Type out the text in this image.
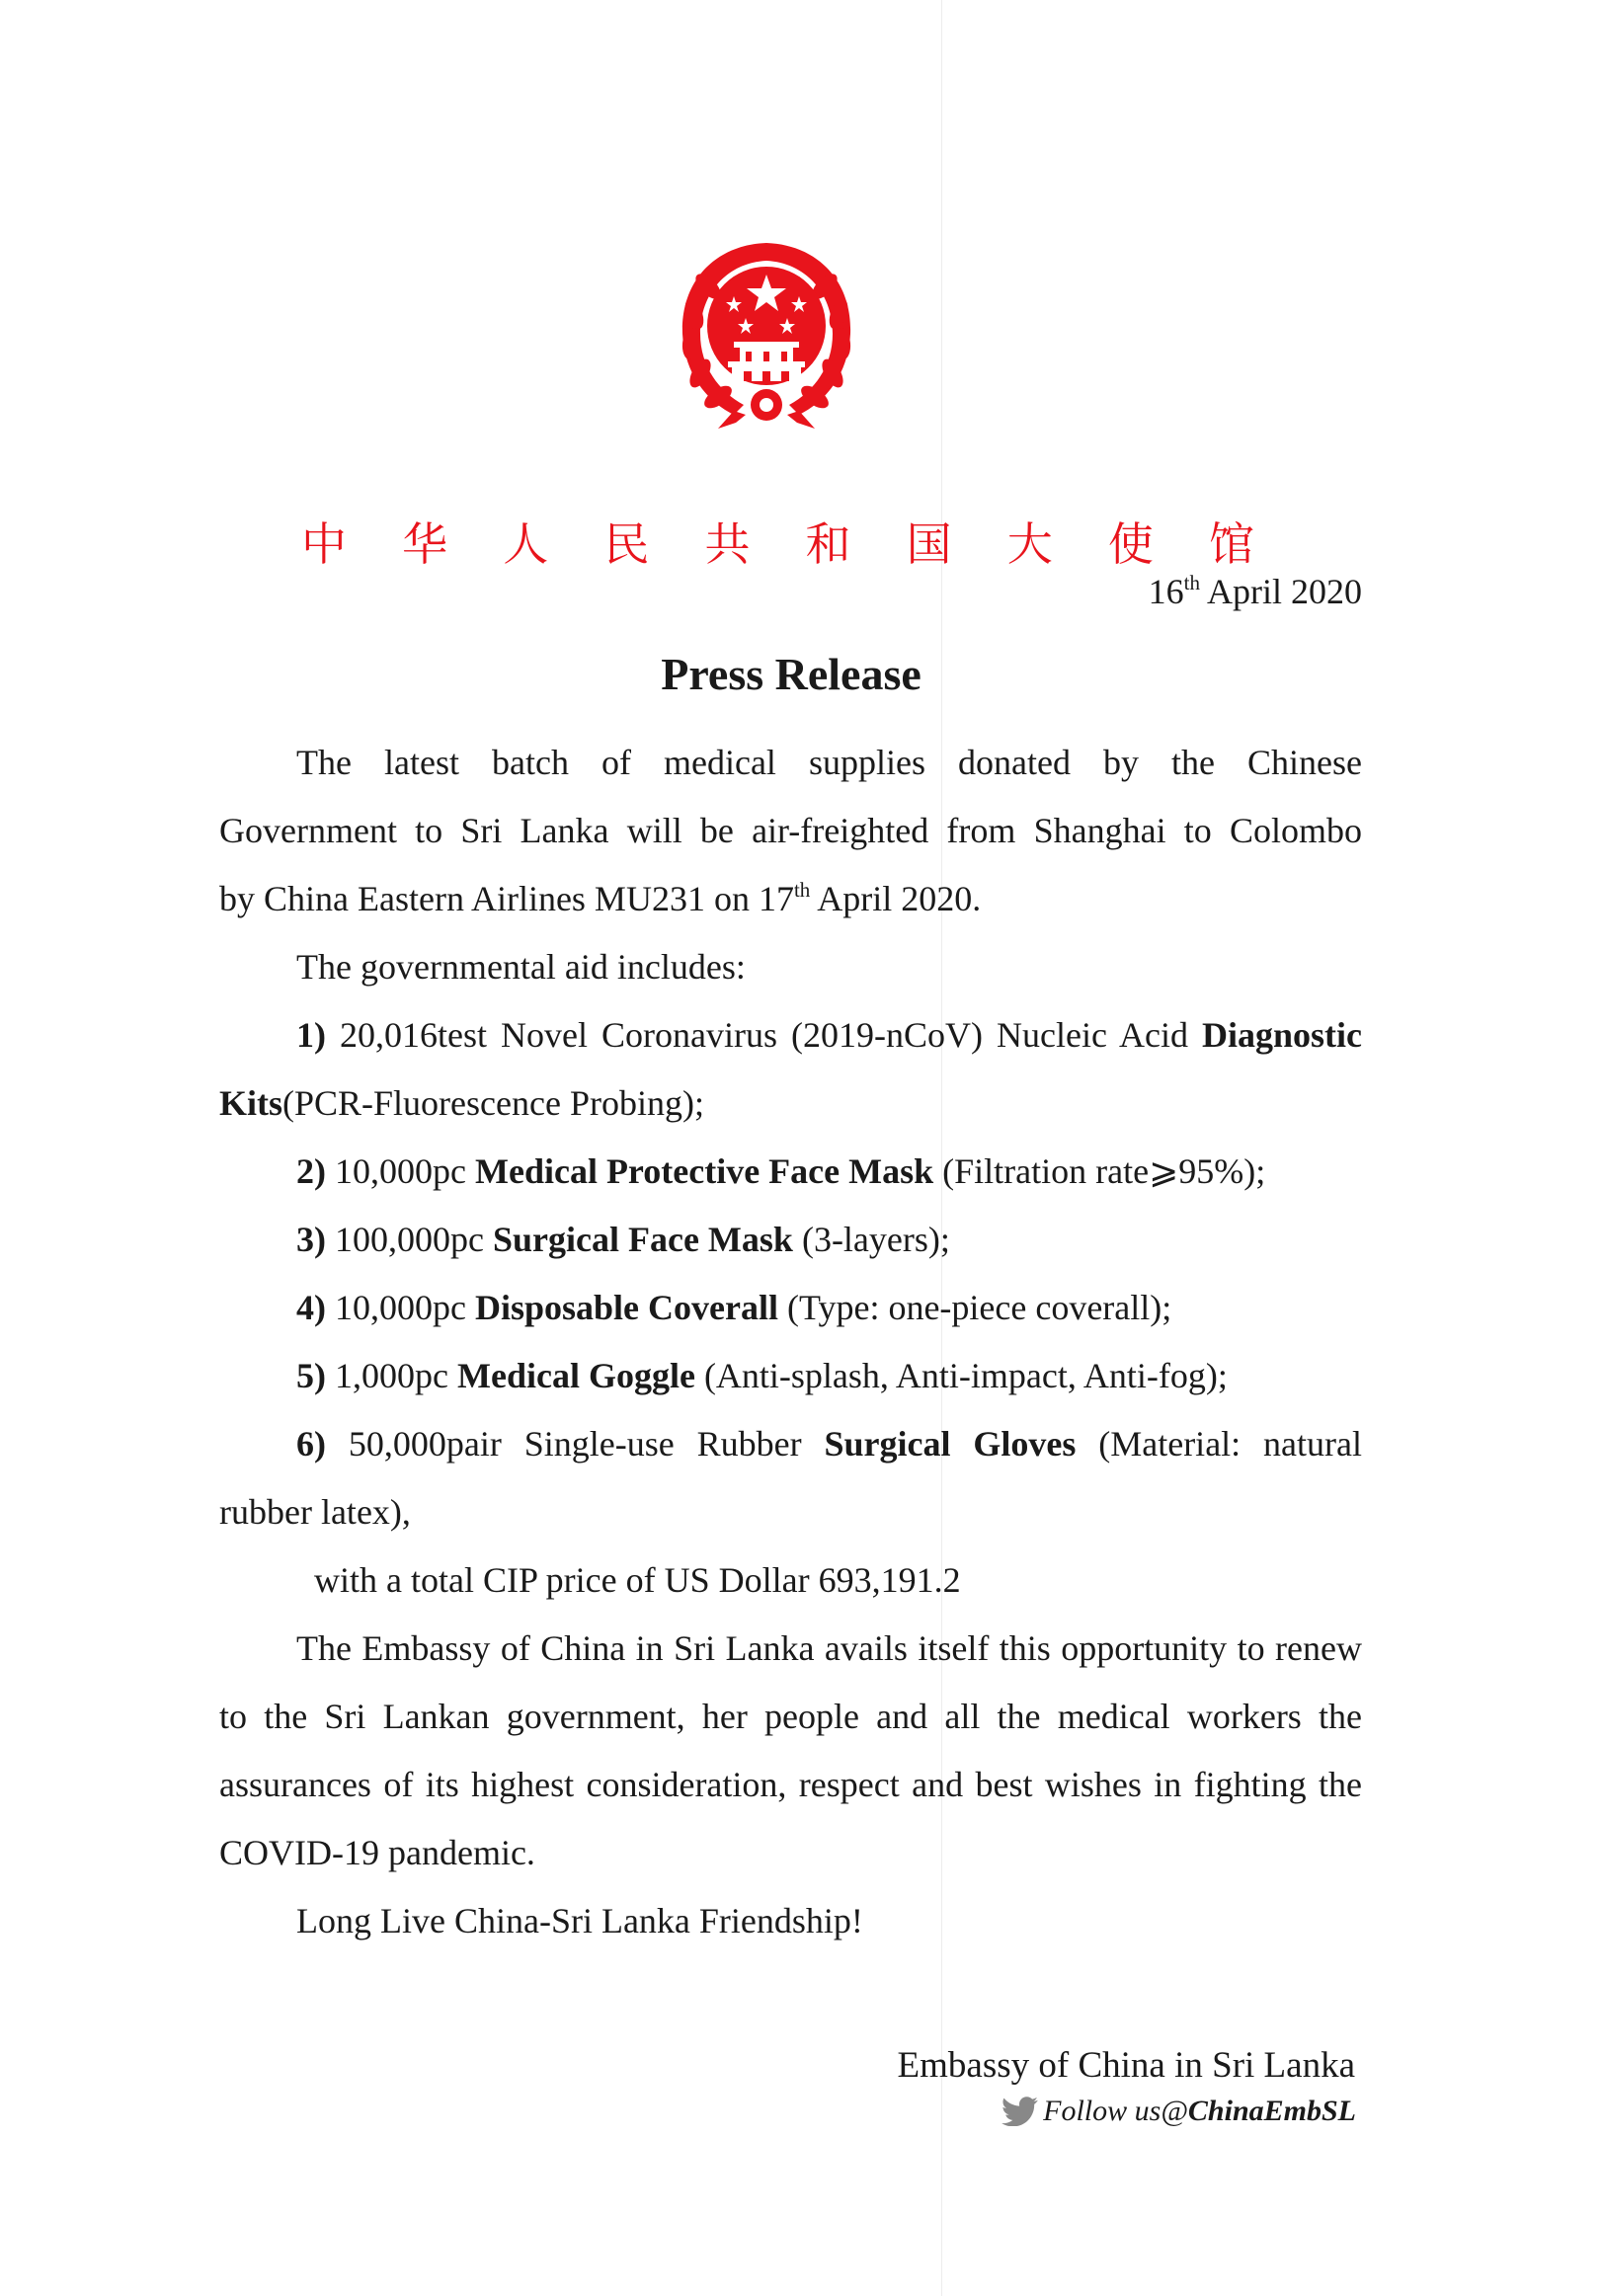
中 华 人 民 共 和 国 大 使 馆
16th April 2020
Press Release

The latest batch of medical supplies donated by the Chinese

Government to Sri Lanka will be air-freighted from Shanghai to Colombo

by China Eastern Airlines MU231 on 17th April 2020.

The governmental aid includes:

1) 20,016test Novel Coronavirus (2019-nCoV) Nucleic Acid Diagnostic Kits(PCR-Fluorescence Probing);

2) 10,000pc Medical Protective Face Mask (Filtration rate⩾95%);

3) 100,000pc Surgical Face Mask (3-layers);

4) 10,000pc Disposable Coverall (Type: one-piece coverall);

5) 1,000pc Medical Goggle (Anti-splash, Anti-impact, Anti-fog);

6) 50,000pair Single-use Rubber Surgical Gloves (Material: natural rubber latex),

with a total CIP price of US Dollar 693,191.2

The Embassy of China in Sri Lanka avails itself this opportunity to renew to the Sri Lankan government, her people and all the medical workers the assurances of its highest consideration, respect and best wishes in fighting the COVID-19 pandemic.

Long Live China-Sri Lanka Friendship!

Embassy of China in Sri Lanka
Follow us@ ChinaEmbSL
